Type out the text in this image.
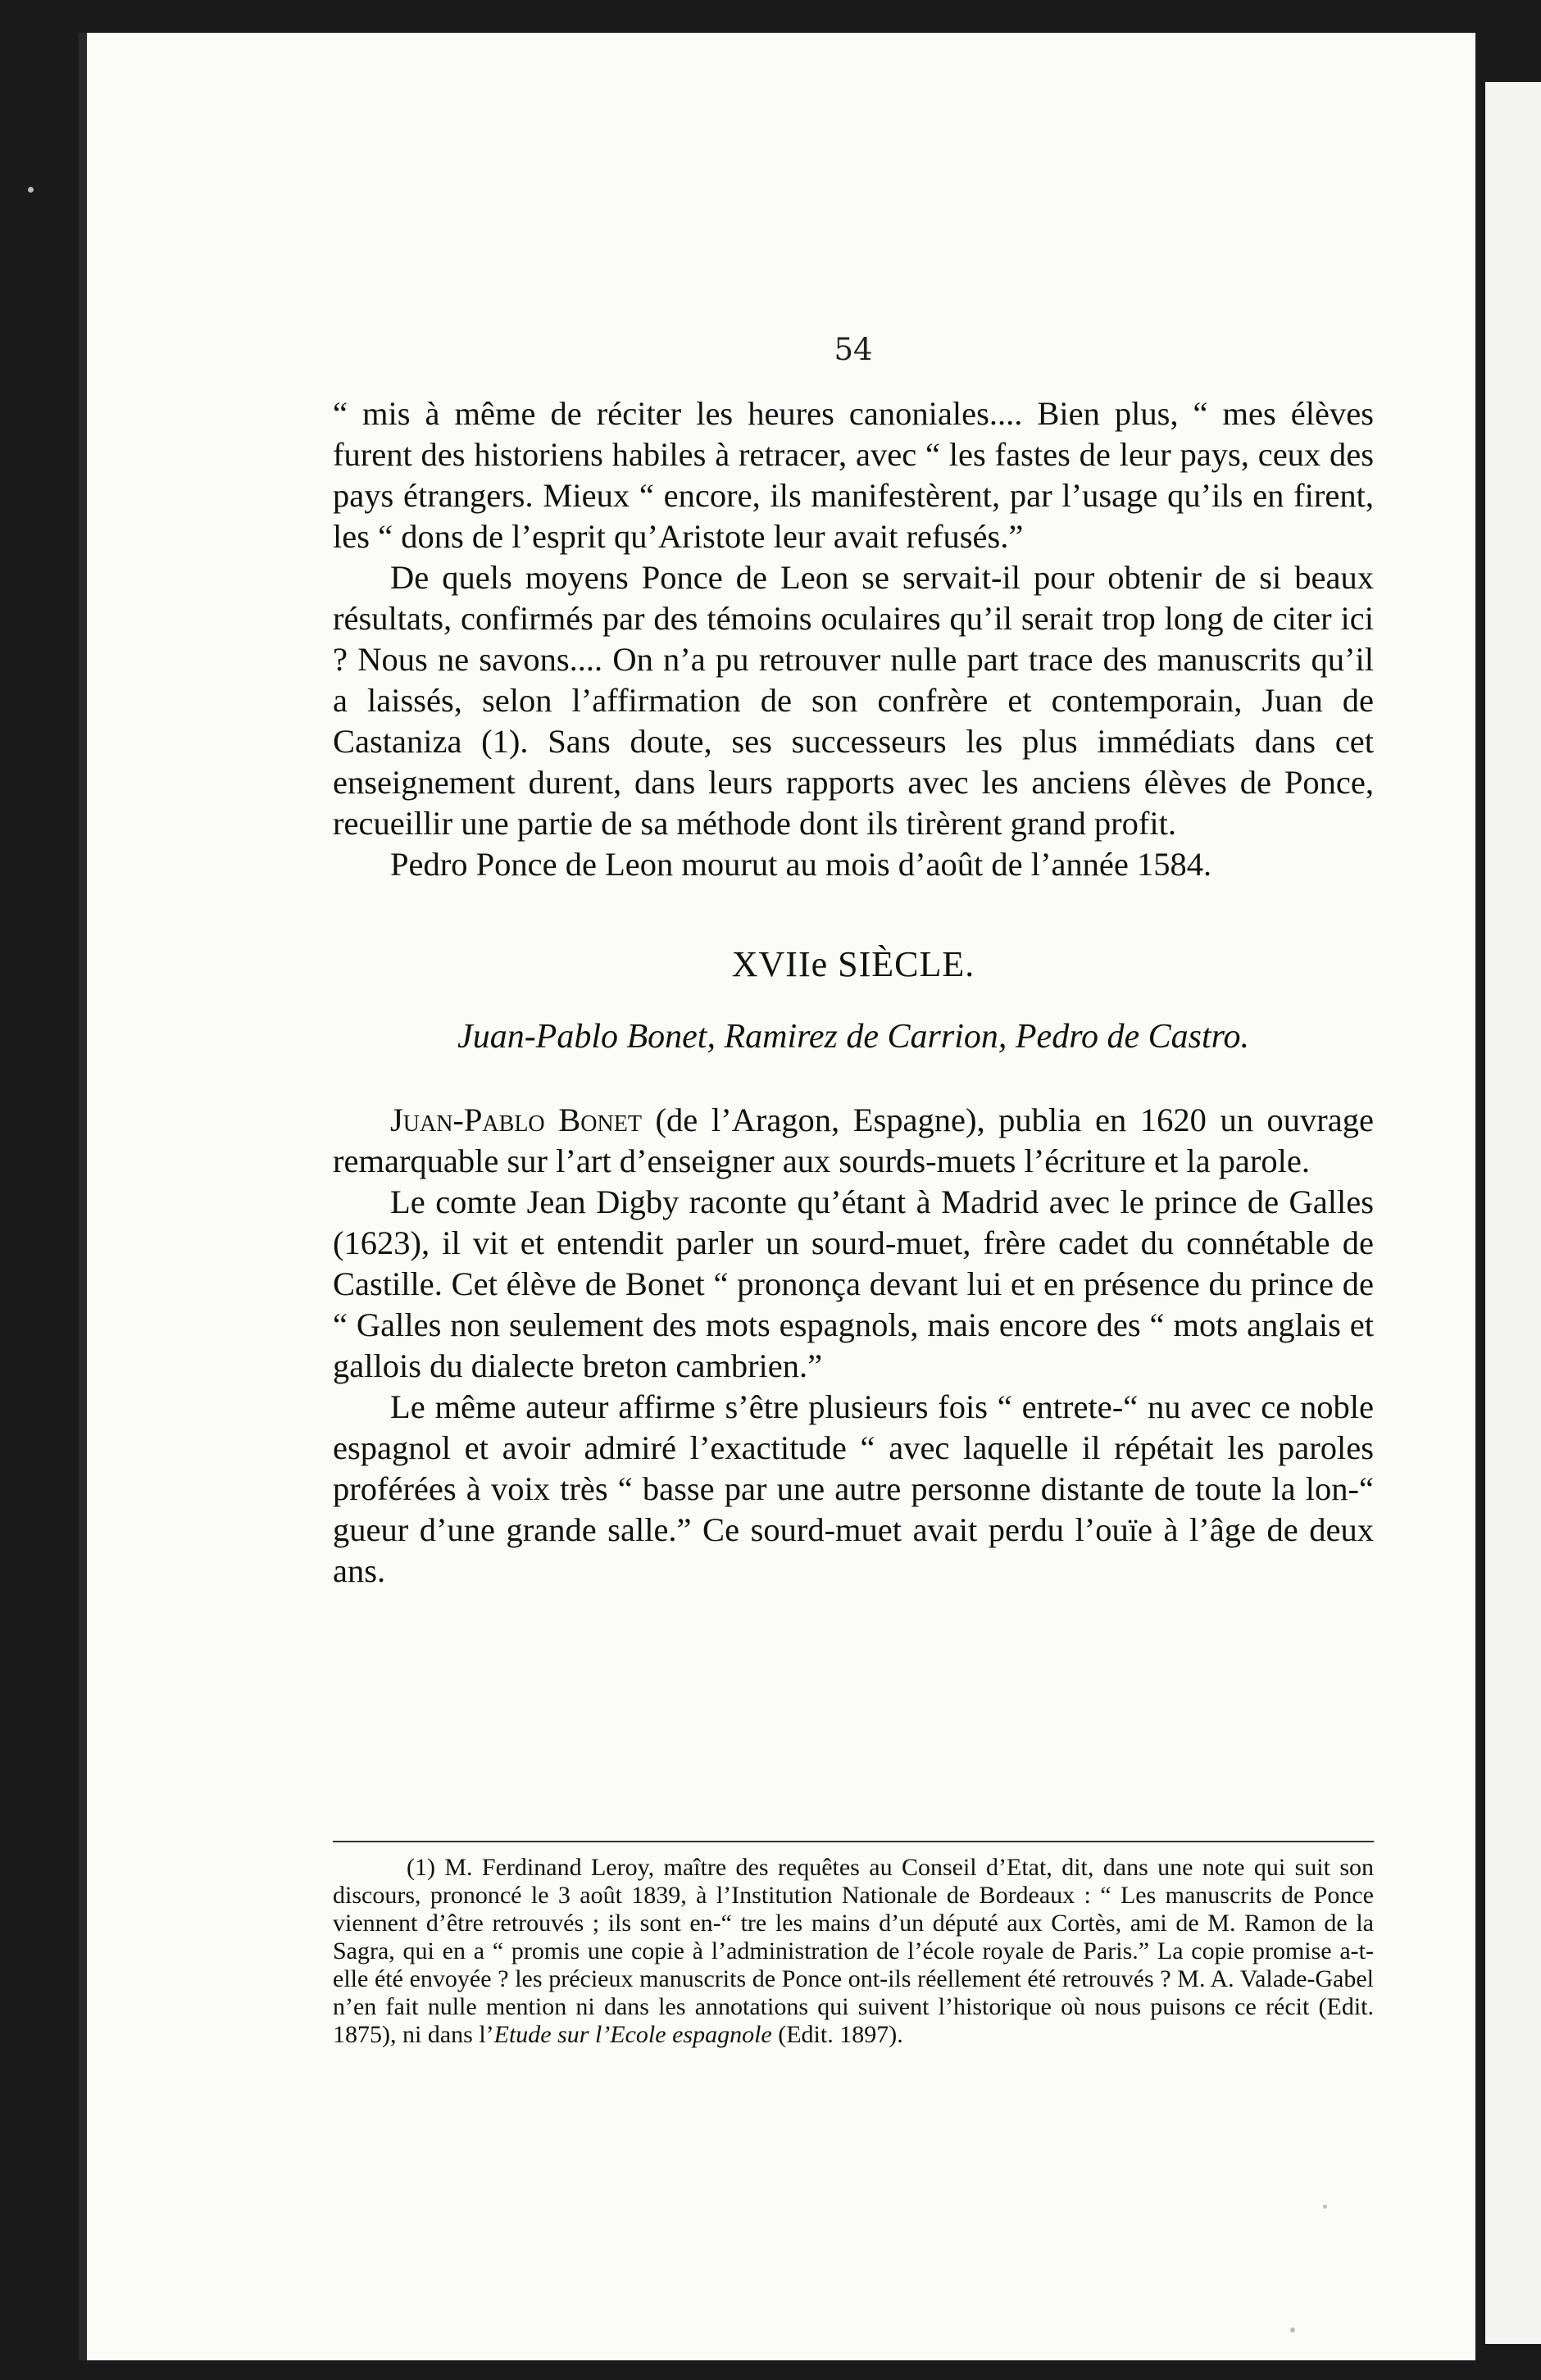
54

“ mis à même de réciter les heures canoniales.... Bien plus, “ mes élèves furent des historiens habiles à retracer, avec “ les fastes de leur pays, ceux des pays étrangers. Mieux “ encore, ils manifestèrent, par l’usage qu’ils en firent, les “ dons de l’esprit qu’Aristote leur avait refusés.”

De quels moyens Ponce de Leon se servait-il pour obtenir de si beaux résultats, confirmés par des témoins oculaires qu’il serait trop long de citer ici ? Nous ne savons.... On n’a pu retrouver nulle part trace des manuscrits qu’il a laissés, selon l’affirmation de son confrère et contemporain, Juan de Castaniza (1). Sans doute, ses successeurs les plus immédiats dans cet enseignement durent, dans leurs rapports avec les anciens élèves de Ponce, recueillir une partie de sa méthode dont ils tirèrent grand profit.

Pedro Ponce de Leon mourut au mois d’août de l’année 1584.

XVIIe SIÈCLE.

Juan-Pablo Bonet, Ramirez de Carrion, Pedro de Castro.

Juan-Pablo Bonet (de l’Aragon, Espagne), publia en 1620 un ouvrage remarquable sur l’art d’enseigner aux sourds-muets l’écriture et la parole.

Le comte Jean Digby raconte qu’étant à Madrid avec le prince de Galles (1623), il vit et entendit parler un sourd-muet, frère cadet du connétable de Castille. Cet élève de Bonet “ prononça devant lui et en présence du prince de “ Galles non seulement des mots espagnols, mais encore des “ mots anglais et gallois du dialecte breton cambrien.”

Le même auteur affirme s’être plusieurs fois “ entrete-“ nu avec ce noble espagnol et avoir admiré l’exactitude “ avec laquelle il répétait les paroles proférées à voix très “ basse par une autre personne distante de toute la lon-“ gueur d’une grande salle.” Ce sourd-muet avait perdu l’ouïe à l’âge de deux ans.

(1) M. Ferdinand Leroy, maître des requêtes au Conseil d’Etat, dit, dans une note qui suit son discours, prononcé le 3 août 1839, à l’Institution Nationale de Bordeaux : “ Les manuscrits de Ponce viennent d’être retrouvés ; ils sont en-“ tre les mains d’un député aux Cortès, ami de M. Ramon de la Sagra, qui en a “ promis une copie à l’administration de l’école royale de Paris.” La copie promise a-t-elle été envoyée ? les précieux manuscrits de Ponce ont-ils réellement été retrouvés ? M. A. Valade-Gabel n’en fait nulle mention ni dans les annotations qui suivent l’historique où nous puisons ce récit (Edit. 1875), ni dans l’Etude sur l’Ecole espagnole (Edit. 1897).
